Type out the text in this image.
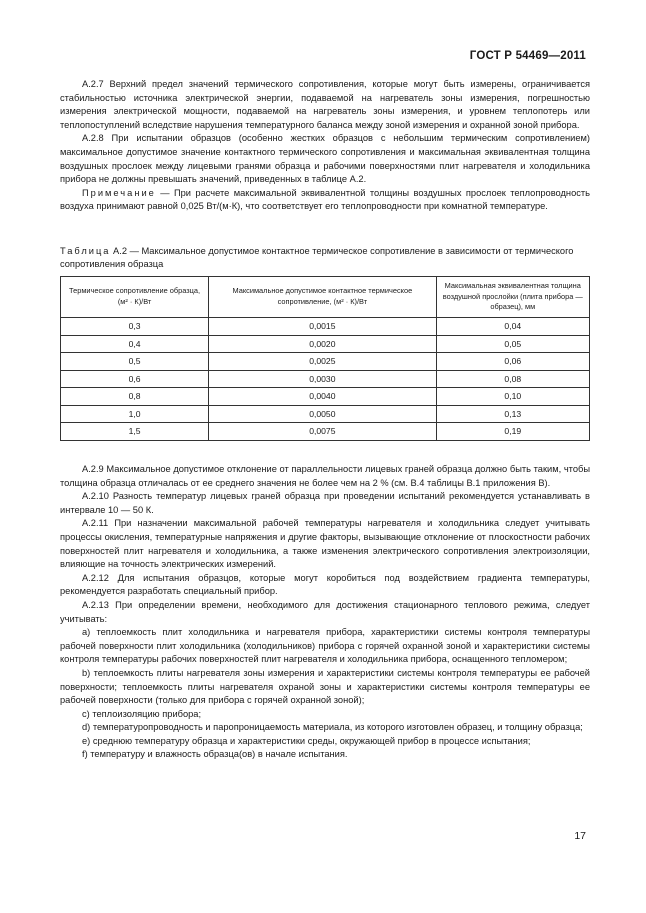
ГОСТ Р 54469—2011

А.2.7 Верхний предел значений термического сопротивления, которые могут быть измерены, ограничивается стабильностью источника электрической энергии, подаваемой на нагреватель зоны измерения, погрешностью измерения электрической мощности, подаваемой на нагреватель зоны измерения, и уровнем теплопотерь или теплопоступлений вследствие нарушения температурного баланса между зоной измерения и охранной зоной прибора.

А.2.8 При испытании образцов (особенно жестких образцов с небольшим термическим сопротивлением) максимальное допустимое значение контактного термического сопротивления и максимальная эквивалентная толщина воздушных прослоек между лицевыми гранями образца и рабочими поверхностями плит нагревателя и холодильника прибора не должны превышать значений, приведенных в таблице А.2.

Примечание — При расчете максимальной эквивалентной толщины воздушных прослоек теплопроводность воздуха принимают равной 0,025 Вт/(м·К), что соответствует его теплопроводности при комнатной температуре.

Таблица А.2 — Максимальное допустимое контактное термическое сопротивление в зависимости от термического сопротивления образца
Термическое сопротивление образца, (м² · К)/Вт	Максимальное допустимое контактное термическое сопротивление, (м² · К)/Вт	Максимальная эквивалентная толщина воздушной прослойки (плита прибора — образец), мм
0,3	0,0015	0,04
0,4	0,0020	0,05
0,5	0,0025	0,06
0,6	0,0030	0,08
0,8	0,0040	0,10
1,0	0,0050	0,13
1,5	0,0075	0,19

А.2.9 Максимальное допустимое отклонение от параллельности лицевых граней образца должно быть таким, чтобы толщина образца отличалась от ее среднего значения не более чем на 2 % (см. В.4 таблицы В.1 приложения В).

А.2.10 Разность температур лицевых граней образца при проведении испытаний рекомендуется устанавливать в интервале 10 — 50 К.

А.2.11 При назначении максимальной рабочей температуры нагревателя и холодильника следует учитывать процессы окисления, температурные напряжения и другие факторы, вызывающие отклонение от плоскостности рабочих поверхностей плит нагревателя и холодильника, а также изменения электрического сопротивления электроизоляции, влияющие на точность электрических измерений.

А.2.12 Для испытания образцов, которые могут коробиться под воздействием градиента температуры, рекомендуется разработать специальный прибор.

А.2.13 При определении времени, необходимого для достижения стационарного теплового режима, следует учитывать:

а) теплоемкость плит холодильника и нагревателя прибора, характеристики системы контроля температуры рабочей поверхности плит холодильника (холодильников) прибора с горячей охранной зоной и характеристики системы контроля температуры рабочих поверхностей плит нагревателя и холодильника прибора, оснащенного тепломером;

b) теплоемкость плиты нагревателя зоны измерения и характеристики системы контроля температуры ее рабочей поверхности; теплоемкость плиты нагревателя охраной зоны и характеристики системы контроля температуры ее рабочей поверхности (только для прибора с горячей охранной зоной);

c) теплоизоляцию прибора;

d) температуропроводность и паропроницаемость материала, из которого изготовлен образец, и толщину образца;

e) среднюю температуру образца и характеристики среды, окружающей прибор в процессе испытания;

f) температуру и влажность образца(ов) в начале испытания.

17
